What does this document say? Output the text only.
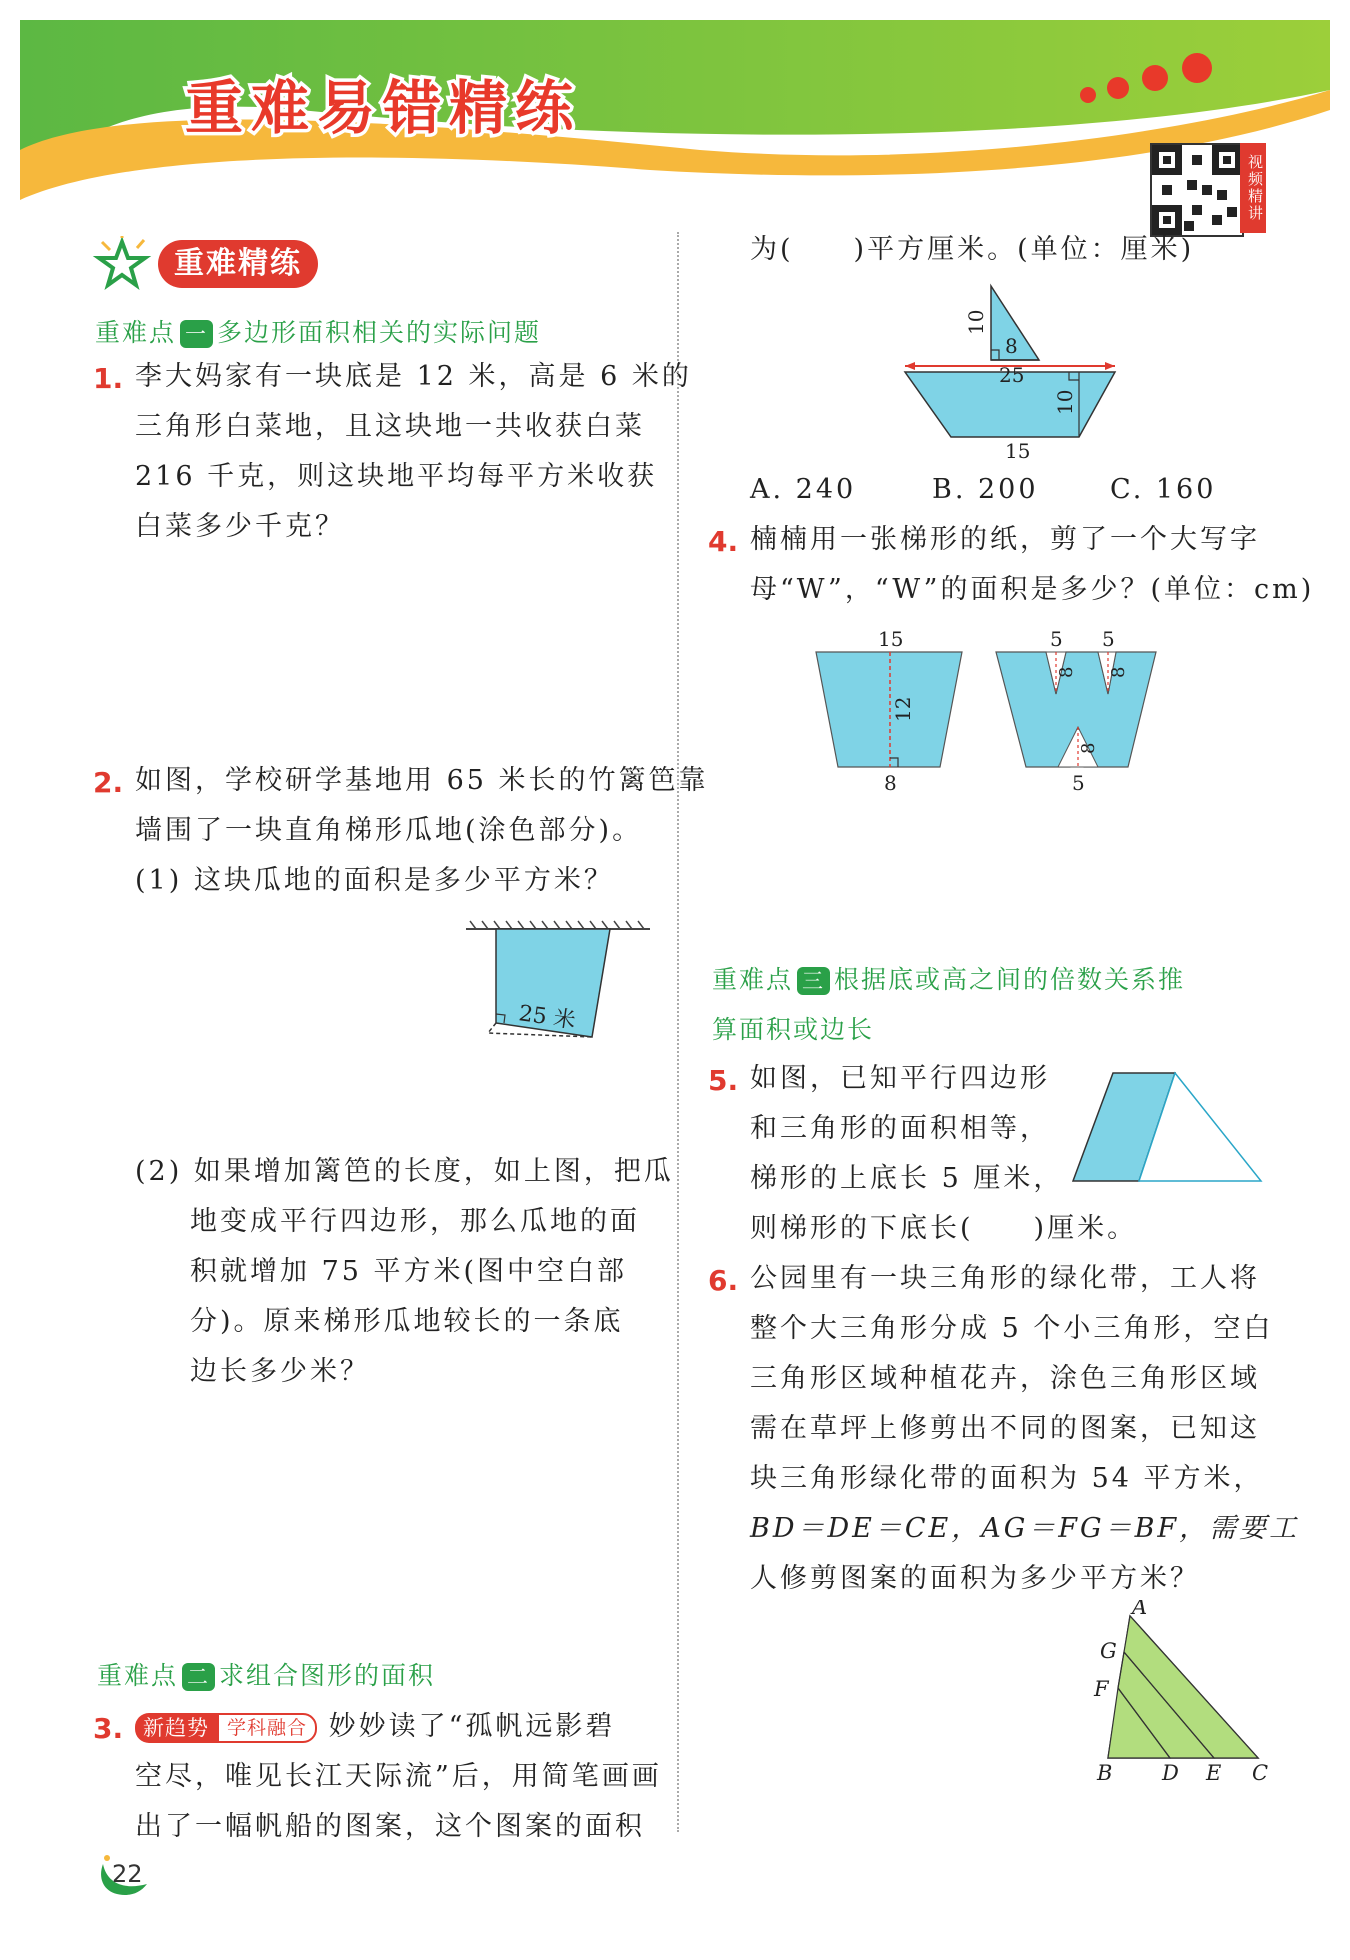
重难易错精练
视频精讲
重难精练
重难点 一 多边形面积相关的实际问题
1. 李大妈家有一块底是 12 米，高是 6 米的
三角形白菜地，且这块地一共收获白菜
216 千克，则这块地平均每平方米收获
白菜多少千克？
2. 如图，学校研学基地用 65 米长的竹篱笆靠
墙围了一块直角梯形瓜地(涂色部分)。
(1) 这块瓜地的面积是多少平方米？
25 米
(2) 如果增加篱笆的长度，如上图，把瓜
地变成平行四边形，那么瓜地的面
积就增加 75 平方米(图中空白部
分)。原来梯形瓜地较长的一条底
边长多少米？
重难点 二 求组合图形的面积
3. 新趋势 学科融合 妙妙读了“孤帆远影碧
空尽，唯见长江天际流”后，用简笔画画
出了一幅帆船的图案，这个图案的面积
为(　　)平方厘米。(单位：厘米)
10
8
25
10
15
A. 240	B. 200	C. 160
4. 楠楠用一张梯形的纸，剪了一个大写字
母“W”，“W”的面积是多少？(单位：cm)
15
12
8
5 5
8 8
8
5
重难点 三 根据底或高之间的倍数关系推
算面积或边长
5. 如图，已知平行四边形
和三角形的面积相等，
梯形的上底长 5 厘米，
则梯形的下底长(　　)厘米。
6. 公园里有一块三角形的绿化带，工人将
整个大三角形分成 5 个小三角形，空白
三角形区域种植花卉，涂色三角形区域
需在草坪上修剪出不同的图案，已知这
块三角形绿化带的面积为 54 平方米，
BD＝DE＝CE，AG＝FG＝BF，需要工
人修剪图案的面积为多少平方米？
A
G
F
B D E C
22
